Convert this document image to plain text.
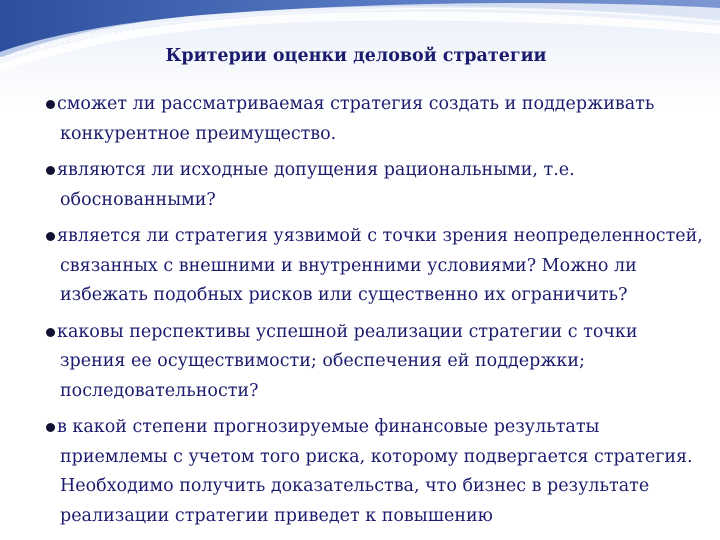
Критерии оценки деловой стратегии
сможет ли рассматриваемая стратегия создать и поддерживать конкурентное преимущество.
являются ли исходные допущения рациональными, т.е. обоснованными?
является ли стратегия уязвимой с точки зрения неопределенностей, связанных с внешними и внутренними условиями? Можно ли избежать подобных рисков или существенно их ограничить?
каковы перспективы успешной реализации стратегии с точки зрения ее осуществимости; обеспечения ей поддержки; последовательности?
в какой степени прогнозируемые финансовые результаты приемлемы с учетом того риска, которому подвергается стратегия. Необходимо получить доказательства, что бизнес в результате реализации стратегии приведет к повышению
